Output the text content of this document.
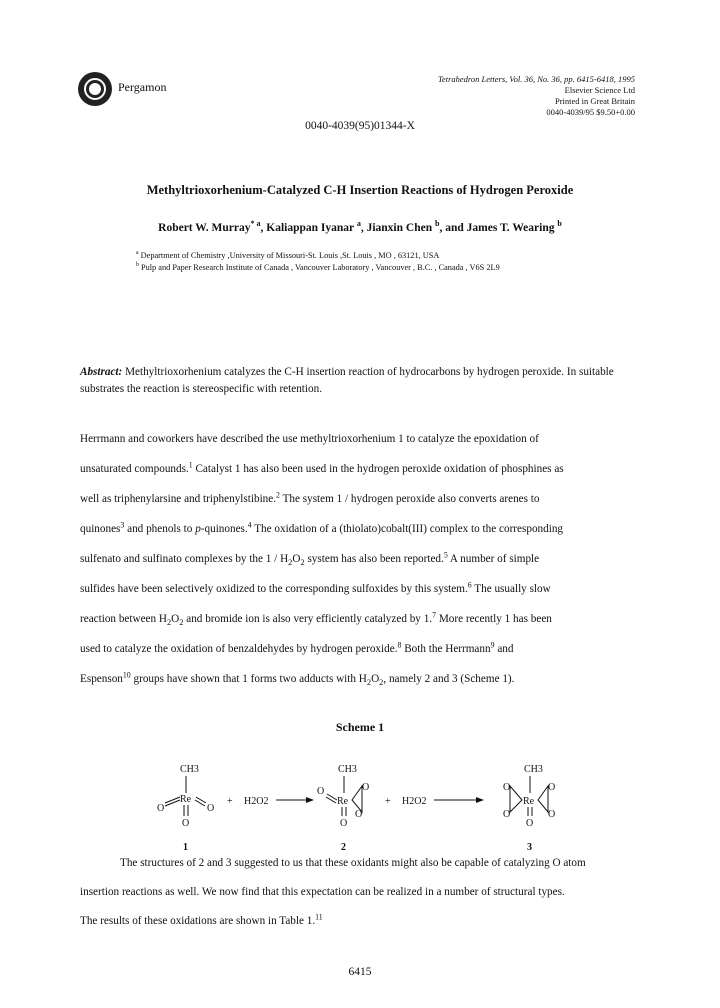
Pergamon
Tetrahedron Letters, Vol. 36, No. 36, pp. 6415-6418, 1995
Elsevier Science Ltd
Printed in Great Britain
0040-4039/95 $9.50+0.00
0040-4039(95)01344-X
Methyltrioxorhenium-Catalyzed C-H Insertion Reactions of Hydrogen Peroxide
Robert W. Murray$^{* a}$, Kaliappan Iyanar $^a$, Jianxin Chen $^b$, and James T. Wearing $^b$
$^a$ Department of Chemistry ,University of Missouri-St. Louis ,St. Louis , MO , 63121, USA
$^b$ Pulp and Paper Research Institute of Canada , Vancouver Laboratory , Vancouver , B.C. , Canada , V6S 2L9
Abstract: Methyltrioxorhenium catalyzes the C-H insertion reaction of hydrocarbons by hydrogen peroxide. In suitable substrates the reaction is stereospecific with retention.
Herrmann and coworkers have described the use methyltrioxorhenium 1 to catalyze the epoxidation of
unsaturated compounds.$^1$ Catalyst 1 has also been used in the hydrogen peroxide oxidation of phosphines as
well as triphenylarsine and triphenylstibine.$^2$ The system 1 / hydrogen peroxide also converts arenes to
quinones$^3$ and phenols to p-quinones.$^4$ The oxidation of a (thiolato)cobalt(III) complex to the corresponding
sulfenato and sulfinato complexes by the $1 / H_2O_2$ system has also been reported.$^5$ A number of simple
sulfides have been selectively oxidized to the corresponding sulfoxides by this system.$^6$ The usually slow
reaction between $H_2O_2$ and bromide ion is also very efficiently catalyzed by 1.$^7$ More recently 1 has been
used to catalyze the oxidation of benzaldehydes by hydrogen peroxide.$^8$ Both the Herrmann$^9$ and
Espenson$^{10}$ groups have shown that 1 forms two adducts with $H_2O_2$, namely 2 and 3 (Scheme 1).
Scheme 1
CH3
Re
O	O
O
+ H2O2
CH3
O
Re
O
O
O
+ H2O2
CH3
Re
O
O
O
O
O
1	2	3
The structures of 2 and 3 suggested to us that these oxidants might also be capable of catalyzing O atom
insertion reactions as well. We now find that this expectation can be realized in a number of structural types.
The results of these oxidations are shown in Table 1.11
6415
